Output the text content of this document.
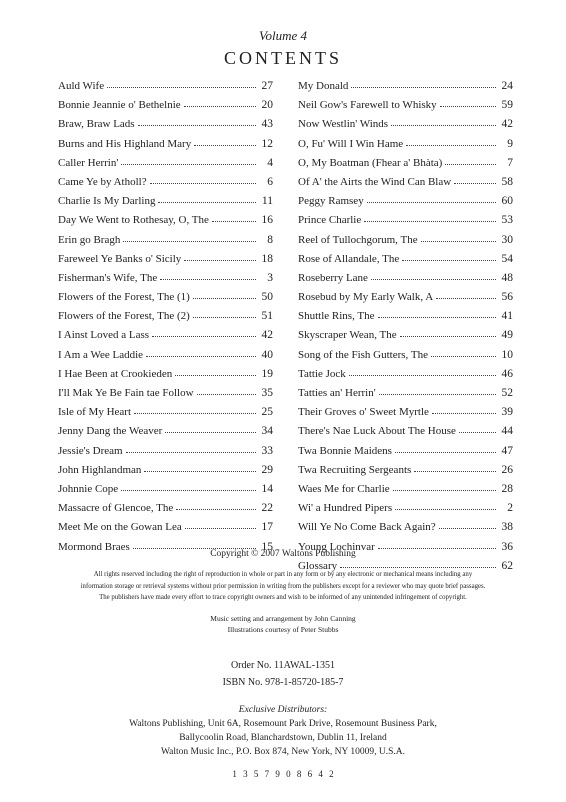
Volume 4
CONTENTS
Auld Wife	27
Bonnie Jeannie o' Bethelnie	20
Braw, Braw Lads	43
Burns and His Highland Mary	12
Caller Herrin'	4
Came Ye by Atholl?	6
Charlie Is My Darling	11
Day We Went to Rothesay, O, The	16
Erin go Bragh	8
Fareweel Ye Banks o' Sicily	18
Fisherman's Wife, The	3
Flowers of the Forest, The (1)	50
Flowers of the Forest, The (2)	51
I Ainst Loved a Lass	42
I Am a Wee Laddie	40
I Hae Been at Crookieden	19
I'll Mak Ye Be Fain tae Follow	35
Isle of My Heart	25
Jenny Dang the Weaver	34
Jessie's Dream	33
John Highlandman	29
Johnnie Cope	14
Massacre of Glencoe, The	22
Meet Me on the Gowan Lea	17
Mormond Braes	15
My Donald	24
Neil Gow's Farewell to Whisky	59
Now Westlin' Winds	42
O, Fu' Will I Win Hame	9
O, My Boatman (Fhear a' Bhàta)	7
Of A' the Airts the Wind Can Blaw	58
Peggy Ramsey	60
Prince Charlie	53
Reel of Tullochgorum, The	30
Rose of Allandale, The	54
Roseberry Lane	48
Rosebud by My Early Walk, A	56
Shuttle Rins, The	41
Skyscraper Wean, The	49
Song of the Fish Gutters, The	10
Tattie Jock	46
Tatties an' Herrin'	52
Their Groves o' Sweet Myrtle	39
There's Nae Luck About The House	44
Twa Bonnie Maidens	47
Twa Recruiting Sergeants	26
Waes Me for Charlie	28
Wi' a Hundred Pipers	2
Will Ye No Come Back Again?	38
Young Lochinvar	36
Glossary	62
Copyright © 2007 Waltons Publishing
All rights reserved including the right of reproduction in whole or part in any form or by any electronic or mechanical means including any
information storage or retrieval systems without prior permission in writing from the publishers except for a reviewer who may quote brief passages.
The publishers have made every effort to trace copyright owners and wish to be informed of any unintended infringement of copyright.
Music setting and arrangement by John Canning
Illustrations courtesy of Peter Stubbs
Order No. 11AWAL-1351
ISBN No. 978-1-85720-185-7
Exclusive Distributors:
Waltons Publishing, Unit 6A, Rosemount Park Drive, Rosemount Business Park,
Ballycoolin Road, Blanchardstown, Dublin 11, Ireland
Walton Music Inc., P.O. Box 874, New York, NY 10009, U.S.A.
1 3 5 7 9 0 8 6 4 2
